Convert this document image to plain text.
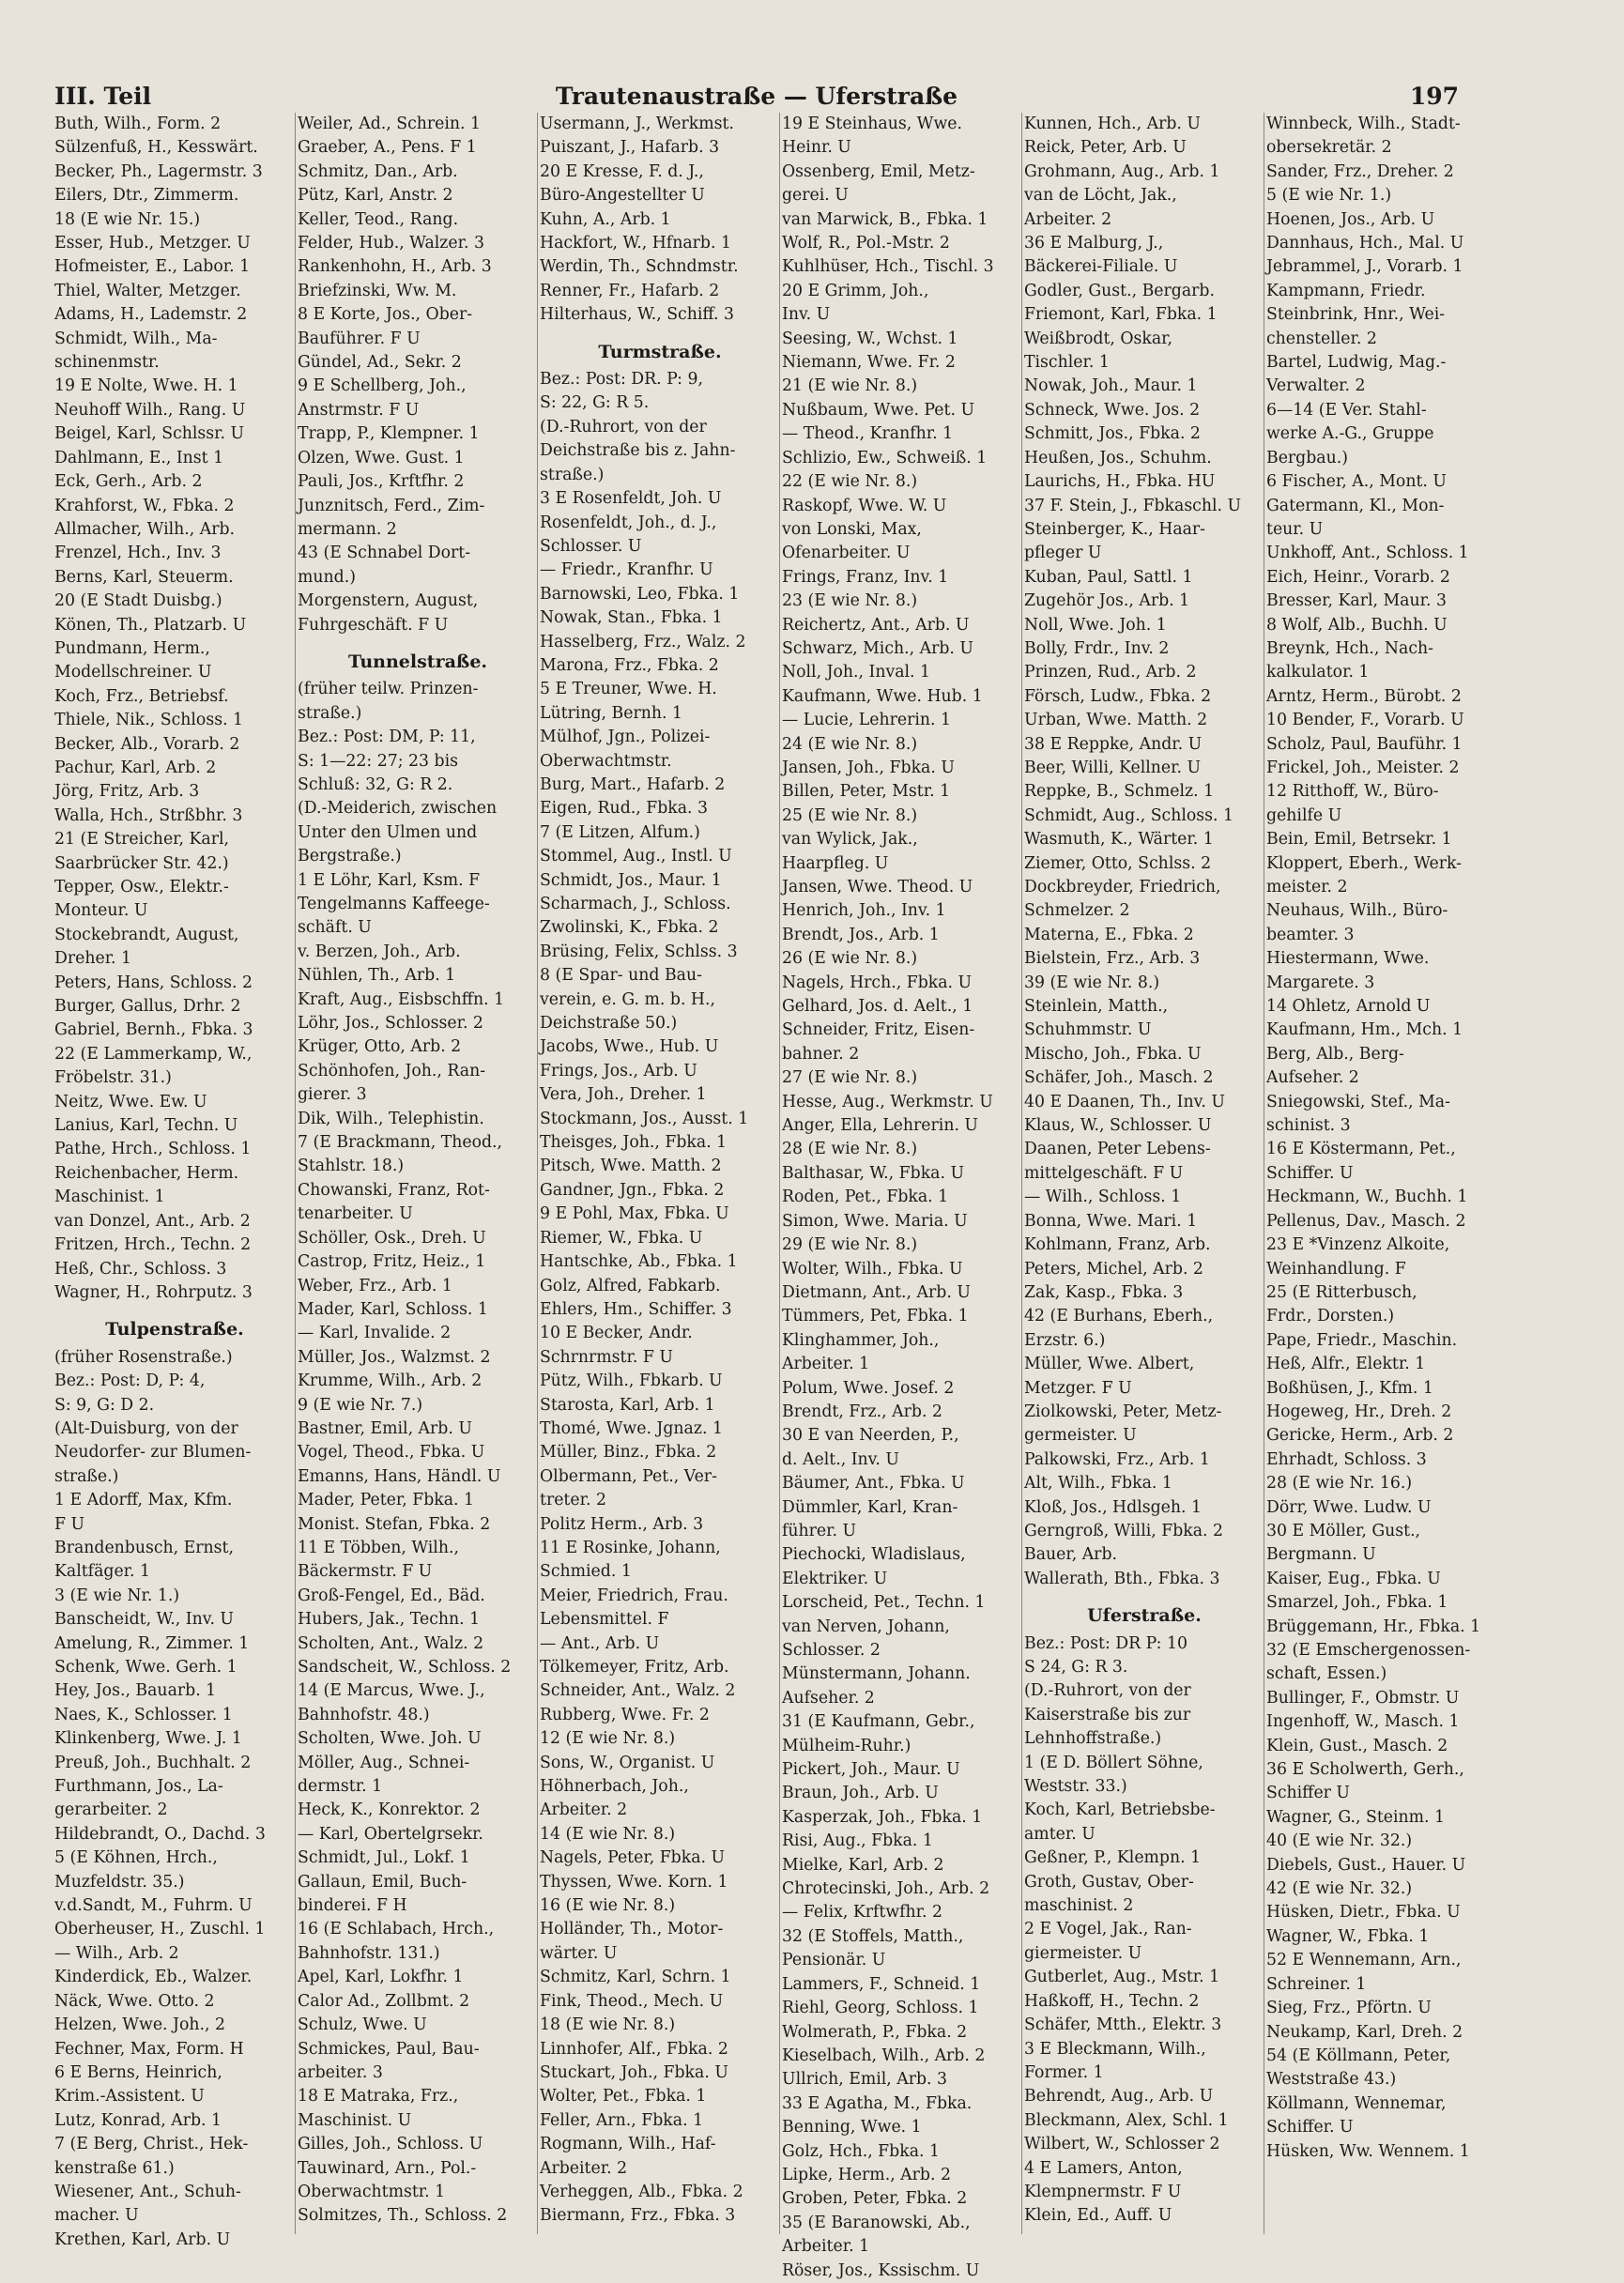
III. Teil	Trautenaustraße — Uferstraße	197
Buth, Wilh., Form. 2
Sülzenfuß, H., Kesswärt.
Becker, Ph., Lagermstr. 3
Eilers, Dtr., Zimmerm.
18 (E wie Nr. 15.)
Esser, Hub., Metzger. U
Hofmeister, E., Labor. 1
Thiel, Walter, Metzger.
Adams, H., Lademstr. 2
Schmidt, Wilh., Ma-
schinenmstr.
19 E Nolte, Wwe. H. 1
Neuhoff Wilh., Rang. U
Beigel, Karl, Schlssr. U
Dahlmann, E., Inst 1
Eck, Gerh., Arb. 2
Krahforst, W., Fbka. 2
Allmacher, Wilh., Arb.
Frenzel, Hch., Inv. 3
Berns, Karl, Steuerm.
20 (E Stadt Duisbg.)
Könen, Th., Platzarb. U
Pundmann, Herm.,
Modellschreiner. U
Koch, Frz., Betriebsf.
Thiele, Nik., Schloss. 1
Becker, Alb., Vorarb. 2
Pachur, Karl, Arb. 2
Jörg, Fritz, Arb. 3
Walla, Hch., Strßbhr. 3
21 (E Streicher, Karl,
Saarbrücker Str. 42.)
Tepper, Osw., Elektr.-
Monteur. U
Stockebrandt, August,
Dreher. 1
Peters, Hans, Schloss. 2
Burger, Gallus, Drhr. 2
Gabriel, Bernh., Fbka. 3
22 (E Lammerkamp, W.,
Fröbelstr. 31.)
Neitz, Wwe. Ew. U
Lanius, Karl, Techn. U
Pathe, Hrch., Schloss. 1
Reichenbacher, Herm.
Maschinist. 1
van Donzel, Ant., Arb. 2
Fritzen, Hrch., Techn. 2
Heß, Chr., Schloss. 3
Wagner, H., Rohrputz. 3
Tulpenstraße.
(früher Rosenstraße.)
Bez.: Post: D, P: 4,
S: 9, G: D 2.
(Alt-Duisburg, von der
Neudorfer- zur Blumen-
straße.)
1 E Adorff, Max, Kfm.
F U
Brandenbusch, Ernst,
Kaltfäger. 1
3 (E wie Nr. 1.)
Banscheidt, W., Inv. U
Amelung, R., Zimmer. 1
Schenk, Wwe. Gerh. 1
Hey, Jos., Bauarb. 1
Naes, K., Schlosser. 1
Klinkenberg, Wwe. J. 1
Preuß, Joh., Buchhalt. 2
Furthmann, Jos., La-
gerarbeiter. 2
Hildebrandt, O., Dachd. 3
5 (E Köhnen, Hrch.,
Muzfeldstr. 35.)
v.d.Sandt, M., Fuhrm. U
Oberheuser, H., Zuschl. 1
— Wilh., Arb. 2
Kinderdick, Eb., Walzer.
Näck, Wwe. Otto. 2
Helzen, Wwe. Joh., 2
Fechner, Max, Form. H
6 E Berns, Heinrich,
Krim.-Assistent. U
Lutz, Konrad, Arb. 1
7 (E Berg, Christ., Hek-
kenstraße 61.)
Wiesener, Ant., Schuh-
macher. U
Krethen, Karl, Arb. U
Weiler, Ad., Schrein. 1
Graeber, A., Pens. F 1
Schmitz, Dan., Arb.
Pütz, Karl, Anstr. 2
Keller, Teod., Rang.
Felder, Hub., Walzer. 3
Rankenhohn, H., Arb. 3
Briefzinski, Ww. M.
8 E Korte, Jos., Ober-
Bauführer. F U
Gündel, Ad., Sekr. 2
9 E Schellberg, Joh.,
Anstrmstr. F U
Trapp, P., Klempner. 1
Olzen, Wwe. Gust. 1
Pauli, Jos., Krftfhr. 2
Junznitsch, Ferd., Zim-
mermann. 2
43 (E Schnabel Dort-
mund.)
Morgenstern, August,
Fuhrgeschäft. F U
Tunnelstraße.
(früher teilw. Prinzen-
straße.)
Bez.: Post: DM, P: 11,
S: 1—22: 27; 23 bis
Schluß: 32, G: R 2.
(D.-Meiderich, zwischen
Unter den Ulmen und
Bergstraße.)
1 E Löhr, Karl, Ksm. F
Tengelmanns Kaffeege-
schäft. U
v. Berzen, Joh., Arb.
Nühlen, Th., Arb. 1
Kraft, Aug., Eisbschffn. 1
Löhr, Jos., Schlosser. 2
Krüger, Otto, Arb. 2
Schönhofen, Joh., Ran-
gierer. 3
Dik, Wilh., Telephistin.
7 (E Brackmann, Theod.,
Stahlstr. 18.)
Chowanski, Franz, Rot-
tenarbeiter. U
Schöller, Osk., Dreh. U
Castrop, Fritz, Heiz., 1
Weber, Frz., Arb. 1
Mader, Karl, Schloss. 1
— Karl, Invalide. 2
Müller, Jos., Walzmst. 2
Krumme, Wilh., Arb. 2
9 (E wie Nr. 7.)
Bastner, Emil, Arb. U
Vogel, Theod., Fbka. U
Emanns, Hans, Händl. U
Mader, Peter, Fbka. 1
Monist. Stefan, Fbka. 2
11 E Többen, Wilh.,
Bäckermstr. F U
Groß-Fengel, Ed., Bäd.
Hubers, Jak., Techn. 1
Scholten, Ant., Walz. 2
Sandscheit, W., Schloss. 2
14 (E Marcus, Wwe. J.,
Bahnhofstr. 48.)
Scholten, Wwe. Joh. U
Möller, Aug., Schnei-
dermstr. 1
Heck, K., Konrektor. 2
— Karl, Obertelgrsekr.
Schmidt, Jul., Lokf. 1
Gallaun, Emil, Buch-
binderei. F H
16 (E Schlabach, Hrch.,
Bahnhofstr. 131.)
Apel, Karl, Lokfhr. 1
Calor Ad., Zollbmt. 2
Schulz, Wwe. U
Schmickes, Paul, Bau-
arbeiter. 3
18 E Matraka, Frz.,
Maschinist. U
Gilles, Joh., Schloss. U
Tauwinard, Arn., Pol.-
Oberwachtmstr. 1
Solmitzes, Th., Schloss. 2
Usermann, J., Werkmst.
Puiszant, J., Hafarb. 3
20 E Kresse, F. d. J.,
Büro-Angestellter U
Kuhn, A., Arb. 1
Hackfort, W., Hfnarb. 1
Werdin, Th., Schndmstr.
Renner, Fr., Hafarb. 2
Hilterhaus, W., Schiff. 3
Turmstraße.
Bez.: Post: DR. P: 9,
S: 22, G: R 5.
(D.-Ruhrort, von der
Deichstraße bis z. Jahn-
straße.)
3 E Rosenfeldt, Joh. U
Rosenfeldt, Joh., d. J.,
Schlosser. U
— Friedr., Kranfhr. U
Barnowski, Leo, Fbka. 1
Nowak, Stan., Fbka. 1
Hasselberg, Frz., Walz. 2
Marona, Frz., Fbka. 2
5 E Treuner, Wwe. H.
Lütring, Bernh. 1
Mülhof, Jgn., Polizei-
Oberwachtmstr.
Burg, Mart., Hafarb. 2
Eigen, Rud., Fbka. 3
7 (E Litzen, Alfum.)
Stommel, Aug., Instl. U
Schmidt, Jos., Maur. 1
Scharmach, J., Schloss.
Zwolinski, K., Fbka. 2
Brüsing, Felix, Schlss. 3
8 (E Spar- und Bau-
verein, e. G. m. b. H.,
Deichstraße 50.)
Jacobs, Wwe., Hub. U
Frings, Jos., Arb. U
Vera, Joh., Dreher. 1
Stockmann, Jos., Ausst. 1
Theisges, Joh., Fbka. 1
Pitsch, Wwe. Matth. 2
Gandner, Jgn., Fbka. 2
9 E Pohl, Max, Fbka. U
Riemer, W., Fbka. U
Hantschke, Ab., Fbka. 1
Golz, Alfred, Fabkarb.
Ehlers, Hm., Schiffer. 3
10 E Becker, Andr.
Schrnrmstr. F U
Pütz, Wilh., Fbkarb. U
Starosta, Karl, Arb. 1
Thomé, Wwe. Jgnaz. 1
Müller, Binz., Fbka. 2
Olbermann, Pet., Ver-
treter. 2
Politz Herm., Arb. 3
11 E Rosinke, Johann,
Schmied. 1
Meier, Friedrich, Frau.
Lebensmittel. F
— Ant., Arb. U
Tölkemeyer, Fritz, Arb.
Schneider, Ant., Walz. 2
Rubberg, Wwe. Fr. 2
12 (E wie Nr. 8.)
Sons, W., Organist. U
Höhnerbach, Joh.,
Arbeiter. 2
14 (E wie Nr. 8.)
Nagels, Peter, Fbka. U
Thyssen, Wwe. Korn. 1
16 (E wie Nr. 8.)
Holländer, Th., Motor-
wärter. U
Schmitz, Karl, Schrn. 1
Fink, Theod., Mech. U
18 (E wie Nr. 8.)
Linnhofer, Alf., Fbka. 2
Stuckart, Joh., Fbka. U
Wolter, Pet., Fbka. 1
Feller, Arn., Fbka. 1
Rogmann, Wilh., Haf-
Arbeiter. 2
Verheggen, Alb., Fbka. 2
Biermann, Frz., Fbka. 3
19 E Steinhaus, Wwe.
Heinr. U
Ossenberg, Emil, Metz-
gerei. U
van Marwick, B., Fbka. 1
Wolf, R., Pol.-Mstr. 2
Kuhlhüser, Hch., Tischl. 3
20 E Grimm, Joh.,
Inv. U
Seesing, W., Wchst. 1
Niemann, Wwe. Fr. 2
21 (E wie Nr. 8.)
Nußbaum, Wwe. Pet. U
— Theod., Kranfhr. 1
Schlizio, Ew., Schweiß. 1
22 (E wie Nr. 8.)
Raskopf, Wwe. W. U
von Lonski, Max,
Ofenarbeiter. U
Frings, Franz, Inv. 1
23 (E wie Nr. 8.)
Reichertz, Ant., Arb. U
Schwarz, Mich., Arb. U
Noll, Joh., Inval. 1
Kaufmann, Wwe. Hub. 1
— Lucie, Lehrerin. 1
24 (E wie Nr. 8.)
Jansen, Joh., Fbka. U
Billen, Peter, Mstr. 1
25 (E wie Nr. 8.)
van Wylick, Jak.,
Haarpfleg. U
Jansen, Wwe. Theod. U
Henrich, Joh., Inv. 1
Brendt, Jos., Arb. 1
26 (E wie Nr. 8.)
Nagels, Hrch., Fbka. U
Gelhard, Jos. d. Aelt., 1
Schneider, Fritz, Eisen-
bahner. 2
27 (E wie Nr. 8.)
Hesse, Aug., Werkmstr. U
Anger, Ella, Lehrerin. U
28 (E wie Nr. 8.)
Balthasar, W., Fbka. U
Roden, Pet., Fbka. 1
Simon, Wwe. Maria. U
29 (E wie Nr. 8.)
Wolter, Wilh., Fbka. U
Dietmann, Ant., Arb. U
Tümmers, Pet, Fbka. 1
Klinghammer, Joh.,
Arbeiter. 1
Polum, Wwe. Josef. 2
Brendt, Frz., Arb. 2
30 E van Neerden, P.,
d. Aelt., Inv. U
Bäumer, Ant., Fbka. U
Dümmler, Karl, Kran-
führer. U
Piechocki, Wladislaus,
Elektriker. U
Lorscheid, Pet., Techn. 1
van Nerven, Johann,
Schlosser. 2
Münstermann, Johann.
Aufseher. 2
31 (E Kaufmann, Gebr.,
Mülheim-Ruhr.)
Pickert, Joh., Maur. U
Braun, Joh., Arb. U
Kasperzak, Joh., Fbka. 1
Risi, Aug., Fbka. 1
Mielke, Karl, Arb. 2
Chrotecinski, Joh., Arb. 2
— Felix, Krftwfhr. 2
32 (E Stoffels, Matth.,
Pensionär. U
Lammers, F., Schneid. 1
Riehl, Georg, Schloss. 1
Wolmerath, P., Fbka. 2
Kieselbach, Wilh., Arb. 2
Ullrich, Emil, Arb. 3
33 E Agatha, M., Fbka.
Benning, Wwe. 1
Golz, Hch., Fbka. 1
Lipke, Herm., Arb. 2
Groben, Peter, Fbka. 2
35 (E Baranowski, Ab.,
Arbeiter. 1
Röser, Jos., Kssischm. U
Kunnen, Hch., Arb. U
Reick, Peter, Arb. U
Grohmann, Aug., Arb. 1
van de Löcht, Jak.,
Arbeiter. 2
36 E Malburg, J.,
Bäckerei-Filiale. U
Godler, Gust., Bergarb.
Friemont, Karl, Fbka. 1
Weißbrodt, Oskar,
Tischler. 1
Nowak, Joh., Maur. 1
Schneck, Wwe. Jos. 2
Schmitt, Jos., Fbka. 2
Heußen, Jos., Schuhm.
Laurichs, H., Fbka. HU
37 F. Stein, J., Fbkaschl. U
Steinberger, K., Haar-
pfleger U
Kuban, Paul, Sattl. 1
Zugehör Jos., Arb. 1
Noll, Wwe. Joh. 1
Bolly, Frdr., Inv. 2
Prinzen, Rud., Arb. 2
Försch, Ludw., Fbka. 2
Urban, Wwe. Matth. 2
38 E Reppke, Andr. U
Beer, Willi, Kellner. U
Reppke, B., Schmelz. 1
Schmidt, Aug., Schloss. 1
Wasmuth, K., Wärter. 1
Ziemer, Otto, Schlss. 2
Dockbreyder, Friedrich,
Schmelzer. 2
Materna, E., Fbka. 2
Bielstein, Frz., Arb. 3
39 (E wie Nr. 8.)
Steinlein, Matth.,
Schuhmmstr. U
Mischo, Joh., Fbka. U
Schäfer, Joh., Masch. 2
40 E Daanen, Th., Inv. U
Klaus, W., Schlosser. U
Daanen, Peter Lebens-
mittelgeschäft. F U
— Wilh., Schloss. 1
Bonna, Wwe. Mari. 1
Kohlmann, Franz, Arb.
Peters, Michel, Arb. 2
Zak, Kasp., Fbka. 3
42 (E Burhans, Eberh.,
Erzstr. 6.)
Müller, Wwe. Albert,
Metzger. F U
Ziolkowski, Peter, Metz-
germeister. U
Palkowski, Frz., Arb. 1
Alt, Wilh., Fbka. 1
Kloß, Jos., Hdlsgeh. 1
Gerngroß, Willi, Fbka. 2
Bauer, Arb.
Wallerath, Bth., Fbka. 3
Uferstraße.
Bez.: Post: DR P: 10
S 24, G: R 3.
(D.-Ruhrort, von der
Kaiserstraße bis zur
Lehnhoffstraße.)
1 (E D. Böllert Söhne,
Weststr. 33.)
Koch, Karl, Betriebsbe-
amter. U
Geßner, P., Klempn. 1
Groth, Gustav, Ober-
maschinist. 2
2 E Vogel, Jak., Ran-
giermeister. U
Gutberlet, Aug., Mstr. 1
Haßkoff, H., Techn. 2
Schäfer, Mtth., Elektr. 3
3 E Bleckmann, Wilh.,
Former. 1
Behrendt, Aug., Arb. U
Bleckmann, Alex, Schl. 1
Wilbert, W., Schlosser 2
4 E Lamers, Anton,
Klempnermstr. F U
Klein, Ed., Auff. U
Winnbeck, Wilh., Stadt-
obersekretär. 2
Sander, Frz., Dreher. 2
5 (E wie Nr. 1.)
Hoenen, Jos., Arb. U
Dannhaus, Hch., Mal. U
Jebrammel, J., Vorarb. 1
Kampmann, Friedr.
Steinbrink, Hnr., Wei-
chensteller. 2
Bartel, Ludwig, Mag.-
Verwalter. 2
6—14 (E Ver. Stahl-
werke A.-G., Gruppe
Bergbau.)
6 Fischer, A., Mont. U
Gatermann, Kl., Mon-
teur. U
Unkhoff, Ant., Schloss. 1
Eich, Heinr., Vorarb. 2
Bresser, Karl, Maur. 3
8 Wolf, Alb., Buchh. U
Breynk, Hch., Nach-
kalkulator. 1
Arntz, Herm., Bürobt. 2
10 Bender, F., Vorarb. U
Scholz, Paul, Bauführ. 1
Frickel, Joh., Meister. 2
12 Ritthoff, W., Büro-
gehilfe U
Bein, Emil, Betrsekr. 1
Kloppert, Eberh., Werk-
meister. 2
Neuhaus, Wilh., Büro-
beamter. 3
Hiestermann, Wwe.
Margarete. 3
14 Ohletz, Arnold U
Kaufmann, Hm., Mch. 1
Berg, Alb., Berg-
Aufseher. 2
Sniegowski, Stef., Ma-
schinist. 3
16 E Köstermann, Pet.,
Schiffer. U
Heckmann, W., Buchh. 1
Pellenus, Dav., Masch. 2
23 E *Vinzenz Alkoite,
Weinhandlung. F
25 (E Ritterbusch,
Frdr., Dorsten.)
Pape, Friedr., Maschin.
Heß, Alfr., Elektr. 1
Boßhüsen, J., Kfm. 1
Hogeweg, Hr., Dreh. 2
Gericke, Herm., Arb. 2
Ehrhadt, Schloss. 3
28 (E wie Nr. 16.)
Dörr, Wwe. Ludw. U
30 E Möller, Gust.,
Bergmann. U
Kaiser, Eug., Fbka. U
Smarzel, Joh., Fbka. 1
Brüggemann, Hr., Fbka. 1
32 (E Emschergenossen-
schaft, Essen.)
Bullinger, F., Obmstr. U
Ingenhoff, W., Masch. 1
Klein, Gust., Masch. 2
36 E Scholwerth, Gerh.,
Schiffer U
Wagner, G., Steinm. 1
40 (E wie Nr. 32.)
Diebels, Gust., Hauer. U
42 (E wie Nr. 32.)
Hüsken, Dietr., Fbka. U
Wagner, W., Fbka. 1
52 E Wennemann, Arn.,
Schreiner. 1
Sieg, Frz., Pförtn. U
Neukamp, Karl, Dreh. 2
54 (E Köllmann, Peter,
Weststraße 43.)
Köllmann, Wennemar,
Schiffer. U
Hüsken, Ww. Wennem. 1
